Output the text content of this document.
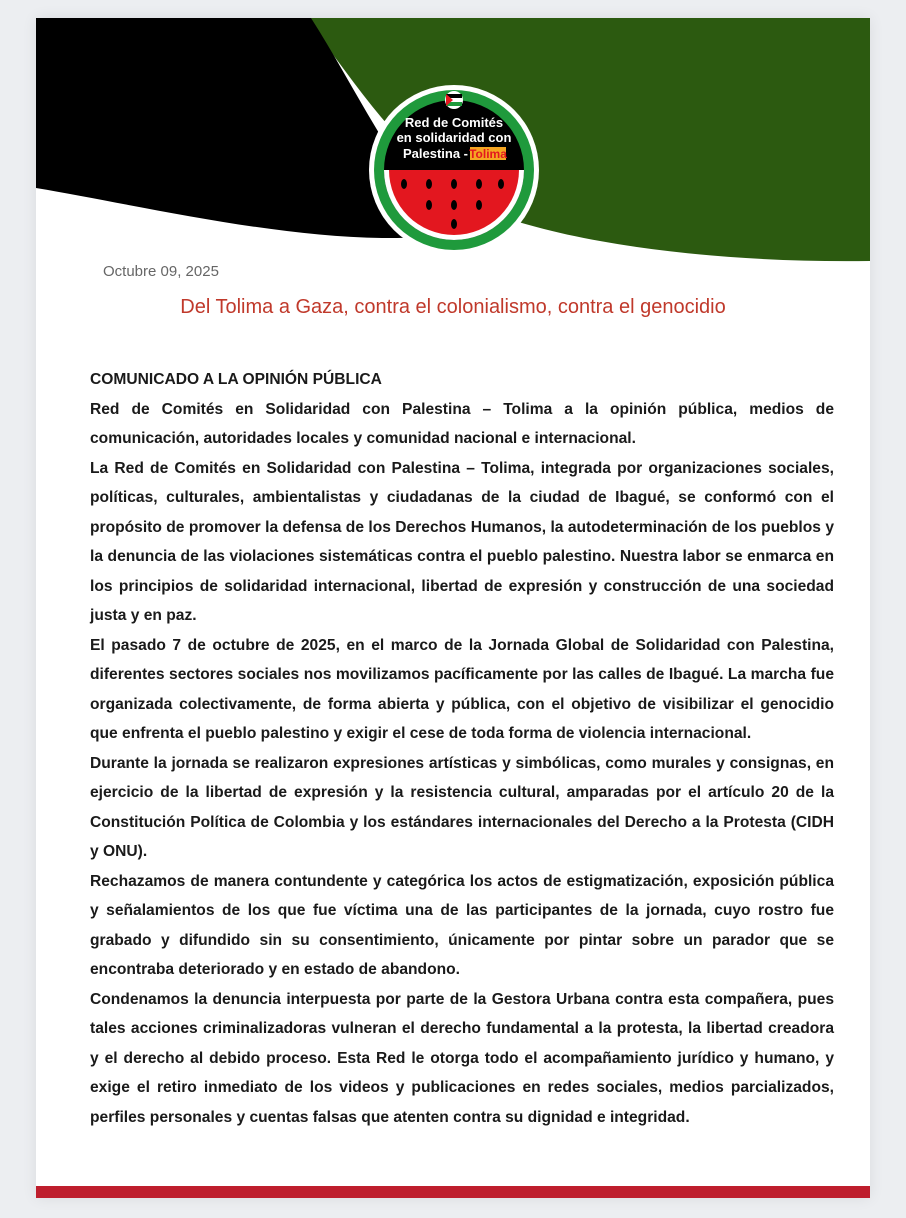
Red de Comités
en solidaridad con
Palestina - Tolima
Octubre 09, 2025
Del Tolima a Gaza, contra el colonialismo, contra el genocidio

COMUNICADO A LA OPINIÓN PÚBLICA

Red de Comités en Solidaridad con Palestina – Tolima a la opinión pública, medios de comunicación, autoridades locales y comunidad nacional e internacional.

La Red de Comités en Solidaridad con Palestina – Tolima, integrada por organizaciones sociales, políticas, culturales, ambientalistas y ciudadanas de la ciudad de Ibagué, se conformó con el propósito de promover la defensa de los Derechos Humanos, la autodeterminación de los pueblos y la denuncia de las violaciones sistemáticas contra el pueblo palestino. Nuestra labor se enmarca en los principios de solidaridad internacional, libertad de expresión y construcción de una sociedad justa y en paz.

El pasado 7 de octubre de 2025, en el marco de la Jornada Global de Solidaridad con Palestina, diferentes sectores sociales nos movilizamos pacíficamente por las calles de Ibagué. La marcha fue organizada colectivamente, de forma abierta y pública, con el objetivo de visibilizar el genocidio que enfrenta el pueblo palestino y exigir el cese de toda forma de violencia internacional.

Durante la jornada se realizaron expresiones artísticas y simbólicas, como murales y consignas, en ejercicio de la libertad de expresión y la resistencia cultural, amparadas por el artículo 20 de la Constitución Política de Colombia y los estándares internacionales del Derecho a la Protesta (CIDH y ONU).

Rechazamos de manera contundente y categórica los actos de estigmatización, exposición pública y señalamientos de los que fue víctima una de las participantes de la jornada, cuyo rostro fue grabado y difundido sin su consentimiento, únicamente por pintar sobre un parador que se encontraba deteriorado y en estado de abandono.

Condenamos la denuncia interpuesta por parte de la Gestora Urbana contra esta compañera, pues tales acciones criminalizadoras vulneran el derecho fundamental a la protesta, la libertad creadora y el derecho al debido proceso. Esta Red le otorga todo el acompañamiento jurídico y humano, y exige el retiro inmediato de los videos y publicaciones en redes sociales, medios parcializados, perfiles personales y cuentas falsas que atenten contra su dignidad e integridad.
